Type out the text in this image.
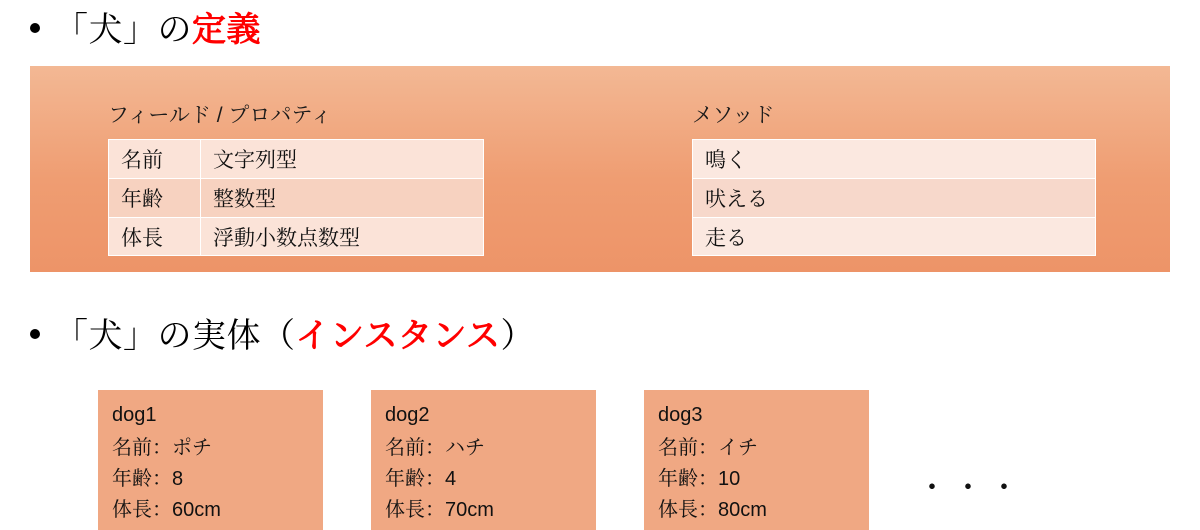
「犬」の定義
フィールド / プロパティ
名前	文字列型
年齢	整数型
体長	浮動小数点数型
メソッド
鳴く
吠える
走る
「犬」の実体（インスタンス）
dog1
名前：ポチ
年齢：8
体長：60cm
dog2
名前：ハチ
年齢：4
体長：70cm
dog3
名前：イチ
年齢：10
体長：80cm
・・・
